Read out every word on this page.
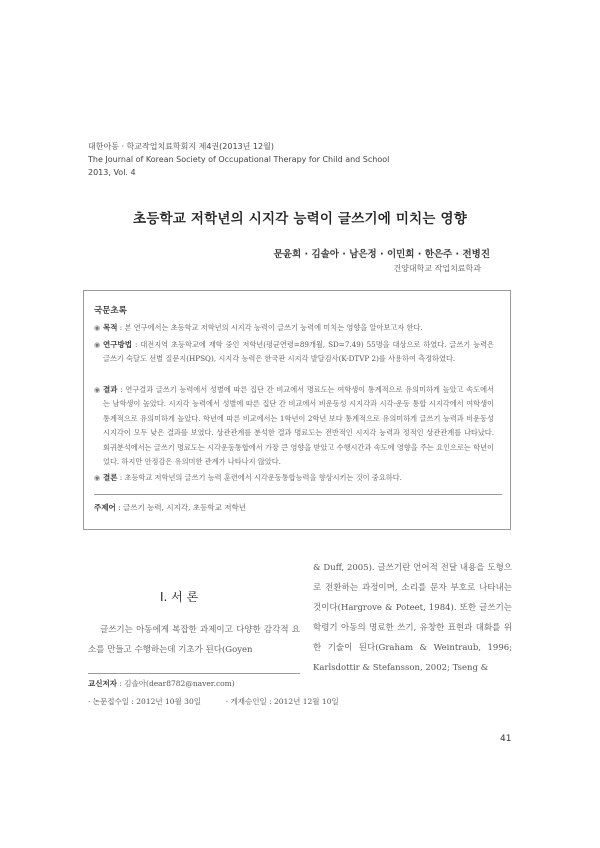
대한아동 · 학교작업치료학회지 제4권(2013년 12월)
The Journal of Korean Society of Occupational Therapy for Child and School
2013, Vol. 4
초등학교 저학년의 시지각 능력이 글쓰기에 미치는 영향
문윤희 · 김솔아 · 남은정 · 이민희 · 한은주 · 전병진
건양대학교 작업치료학과
국문초록
◉ 목적 : 본 연구에서는 초등학교 저학년의 시지각 능력이 글쓰기 능력에 미치는 영향을 알아보고자 한다.
◉ 연구방법 : 대전지역 초등학교에 재학 중인 저학년(평균연령=89개월, SD=7.49) 55명을 대상으로 하였다. 글쓰기 능력은 글쓰기 숙달도 선별 질문지(HPSQ), 시지각 능력은 한국판 시지각 발달검사(K-DTVP 2)를 사용하여 측정하였다.
◉ 결과 : 연구결과 글쓰기 능력에서 성별에 따른 집단 간 비교에서 명료도는 여학생이 통계적으로 유의미하게 높았고 속도에서는 남학생이 높았다. 시지각 능력에서 성별에 따른 집단 간 비교에서 비운동성 시지각과 시각-운동 통합 시지각에서 여학생이 통계적으로 유의미하게 높았다. 학년에 따른 비교에서는 1학년이 2학년 보다 통계적으로 유의미하게 글쓰기 능력과 비운동성 시지각이 모두 낮은 결과를 보였다. 상관관계를 분석한 결과 명료도는 전반적인 시지각 능력과 정적인 상관관계를 나타났다. 회귀분석에서는 글쓰기 명료도는 시각운동통합에서 가장 큰 영향을 받았고 수행시간과 속도에 영향을 주는 요인으로는 학년이었다. 하지만 안정감은 유의미한 관계가 나타나지 않았다.
◉ 결론 : 초등학교 저학년의 글쓰기 능력 훈련에서 시각운동통합능력을 향상시키는 것이 중요하다.
주제어 : 글쓰기 능력, 시지각, 초등학교 저학년
I. 서 론
글쓰기는 아동에게 복잡한 과제이고 다양한 감각적 요소를 만들고 수행하는데 기초가 된다(Goyen
& Duff, 2005). 글쓰기란 언어적 전달 내용을 도형으로 전환하는 과정이며, 소리를 문자 부호로 나타내는 것이다(Hargrove & Poteet, 1984). 또한 글쓰기는 학령기 아동의 명료한 쓰기, 유창한 표현과 대화를 위한 기술이 된다(Graham & Weintraub, 1996; Karlsdottir & Stefansson, 2002; Tseng &
교신저자 : 김솔아(dear8782@naver.com)
· 논문접수일 : 2012년 10월 30일	· 게재승인일 : 2012년 12월 10일
41
